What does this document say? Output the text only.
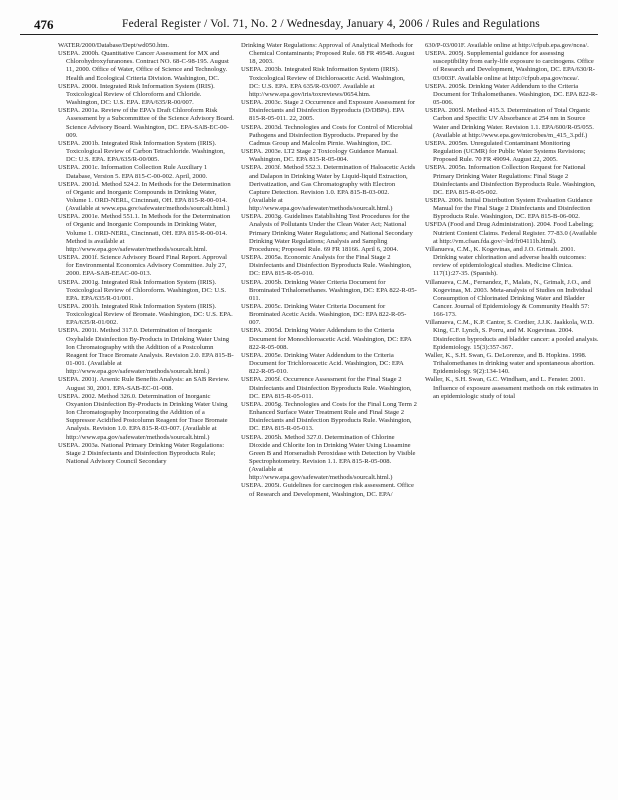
476	Federal Register / Vol. 71, No. 2 / Wednesday, January 4, 2006 / Rules and Regulations

WATER/2000/Database/Dept/wd050.htm.

USEPA. 2000h. Quantitative Cancer Assessment for MX and Chlorohydroxyfuranones. Contract NO. 68-C-98-195. August 11, 2000. Office of Water, Office of Science and Technology. Health and Ecological Criteria Division. Washington, DC.

USEPA. 2000i. Integrated Risk Information System (IRIS). Toxicological Review of Chloroform and Chloride. Washington, DC: U.S. EPA. EPA/635/R-00/007.

USEPA. 2001a. Review of the EPA's Draft Chloroform Risk Assessment by a Subcommittee of the Science Advisory Board. Science Advisory Board. Washington, DC. EPA-SAB-EC-00-009.

USEPA. 2001b. Integrated Risk Information System (IRIS). Toxicological Review of Carbon Tetrachloride. Washington, DC: U.S. EPA. EPA/635/R-00/005.

USEPA. 2001c. Information Collection Rule Auxiliary 1 Database, Version 5. EPA 815-C-00-002. April, 2000.

USEPA. 2001d. Method 524.2. In Methods for the Determination of Organic and Inorganic Compounds in Drinking Water, Volume 1. ORD-NERL, Cincinnati, OH. EPA 815-R-00-014. (Available at www.epa.gov/safewater/methods/sourcalt.html.)

USEPA. 2001e. Method 551.1. In Methods for the Determination of Organic and Inorganic Compounds in Drinking Water, Volume 1. ORD-NERL, Cincinnati, OH. EPA 815-R-00-014. Method is available at http://www.epa.gov/safewater/methods/sourcalt.html.

USEPA. 2001f. Science Advisory Board Final Report. Approval for Environmental Economics Advisory Committee. July 27, 2000. EPA-SAB-EEAC-00-013.

USEPA. 2001g. Integrated Risk Information System (IRIS). Toxicological Review of Chloroform. Washington, DC: U.S. EPA. EPA/635/R-01/001.

USEPA. 2001h. Integrated Risk Information System (IRIS). Toxicological Review of Bromate. Washington, DC: U.S. EPA. EPA/635/R-01/002.

USEPA. 2001i. Method 317.0. Determination of Inorganic Oxyhalide Disinfection By-Products in Drinking Water Using Ion Chromatography with the Addition of a Postcolumn Reagent for Trace Bromate Analysis. Revision 2.0. EPA 815-B-01-001. (Available at http://www.epa.gov/safewater/methods/sourcalt.html.)

USEPA. 2001j. Arsenic Rule Benefits Analysis: an SAB Review. August 30, 2001. EPA-SAB-EC-01-008.

USEPA. 2002. Method 326.0. Determination of Inorganic Oxyanion Disinfection By-Products in Drinking Water Using Ion Chromatography Incorporating the Addition of a Suppressor Acidified Postcolumn Reagent for Trace Bromate Analysis. Revision 1.0. EPA 815-R-03-007. (Available at http://www.epa.gov/safewater/methods/sourcalt.html.)

USEPA. 2003a. National Primary Drinking Water Regulations: Stage 2 Disinfectants and Disinfection Byproducts Rule; National Advisory Council Secondary

Drinking Water Regulations: Approval of Analytical Methods for Chemical Contaminants; Proposed Rule. 68 FR 49548. August 18, 2003.

USEPA. 2003b. Integrated Risk Information System (IRIS). Toxicological Review of Dichloroacetic Acid. Washington, DC: U.S. EPA. EPA 635/R-03/007. Available at http://www.epa.gov/iris/toxreviews/0654.htm.

USEPA. 2003c. Stage 2 Occurrence and Exposure Assessment for Disinfectants and Disinfection Byproducts (D/DBPs). EPA 815-R-05-011. 22, 2005.

USEPA. 2003d. Technologies and Costs for Control of Microbial Pathogens and Disinfection Byproducts. Prepared by the Cadmus Group and Malcolm Pirnie. Washington, DC.

USEPA. 2003e. LT2 Stage 2 Toxicology Guidance Manual. Washington, DC. EPA 815-R-05-004.

USEPA. 2003f. Method 552.3. Determination of Haloacetic Acids and Dalapon in Drinking Water by Liquid-liquid Extraction, Derivatization, and Gas Chromatography with Electron Capture Detection. Revision 1.0. EPA 815-B-03-002. (Available at http://www.epa.gov/safewater/methods/sourcalt.html.)

USEPA. 2003g. Guidelines Establishing Test Procedures for the Analysis of Pollutants Under the Clean Water Act; National Primary Drinking Water Regulations; and National Secondary Drinking Water Regulations; Analysis and Sampling Procedures; Proposed Rule. 69 FR 18166. April 6, 2004.

USEPA. 2005a. Economic Analysis for the Final Stage 2 Disinfectants and Disinfection Byproducts Rule. Washington, DC: EPA 815-R-05-010.

USEPA. 2005b. Drinking Water Criteria Document for Brominated Trihalomethanes. Washington, DC: EPA 822-R-05-011.

USEPA. 2005c. Drinking Water Criteria Document for Brominated Acetic Acids. Washington, DC: EPA 822-R-05-007.

USEPA. 2005d. Drinking Water Addendum to the Criteria Document for Monochloroacetic Acid. Washington, DC: EPA 822-R-05-008.

USEPA. 2005e. Drinking Water Addendum to the Criteria Document for Trichloroacetic Acid. Washington, DC: EPA 822-R-05-010.

USEPA. 2005f. Occurrence Assessment for the Final Stage 2 Disinfectants and Disinfection Byproducts Rule. Washington, DC. EPA 815-R-05-011.

USEPA. 2005g. Technologies and Costs for the Final Long Term 2 Enhanced Surface Water Treatment Rule and Final Stage 2 Disinfectants and Disinfection Byproducts Rule. Washington, DC. EPA 815-R-05-013.

USEPA. 2005h. Method 327.0. Determination of Chlorine Dioxide and Chlorite Ion in Drinking Water Using Lissamine Green B and Horseradish Peroxidase with Detection by Visible Spectrophotometry. Revision 1.1. EPA 815-R-05-008. (Available at http://www.epa.gov/safewater/methods/sourcalt.html.)

USEPA. 2005i. Guidelines for carcinogen risk assessment. Office of Research and Development, Washington, DC. EPA/

630/P-03/001F. Available online at http://cfpub.epa.gov/ncea/.

USEPA. 2005j. Supplemental guidance for assessing susceptibility from early-life exposure to carcinogens. Office of Research and Development, Washington, DC. EPA/630/R-03/003F. Available online at http://cfpub.epa.gov/ncea/.

USEPA. 2005k. Drinking Water Addendum to the Criteria Document for Trihalomethanes. Washington, DC. EPA 822-R-05-006.

USEPA. 2005l. Method 415.3. Determination of Total Organic Carbon and Specific UV Absorbance at 254 nm in Source Water and Drinking Water. Revision 1.1. EPA/600/R-05/055. (Available at http://www.epa.gov/microbes/m_415_3.pdf.)

USEPA. 2005m. Unregulated Contaminant Monitoring Regulation (UCMR) for Public Water Systems Revisions; Proposed Rule. 70 FR 49094. August 22, 2005.

USEPA. 2005n. Information Collection Request for National Primary Drinking Water Regulations: Final Stage 2 Disinfectants and Disinfection Byproducts Rule. Washington, DC. EPA 815-R-05-002.

USEPA. 2006. Initial Distribution System Evaluation Guidance Manual for the Final Stage 2 Disinfectants and Disinfection Byproducts Rule. Washington, DC. EPA 815-B-06-002.

USFDA (Food and Drug Administration). 2004. Food Labeling; Nutrient Content Claims. Federal Register. 77-83.0 (Available at http://vm.cfsan.fda.gov/~lrd/fr04111b.html).

Villanueva, C.M., K. Kogevinas, and J.O. Grimalt. 2001. Drinking water chlorination and adverse health outcomes: review of epidemiological studies. Medicine Clinica. 117(1):27-35. (Spanish).

Villanueva, C.M., Fernandez, F., Malats, N., Grimalt, J.O., and Kogevinas, M. 2003. Meta-analysis of Studies on Individual Consumption of Chlorinated Drinking Water and Bladder Cancer. Journal of Epidemiology & Community Health 57: 166-173.

Villanueva, C.M., K.P. Cantor, S. Cordier, J.J.K. Jaakkola, W.D. King, C.F. Lynch, S. Porru, and M. Kogevinas. 2004. Disinfection byproducts and bladder cancer: a pooled analysis. Epidemiology. 15(3):357-367.

Waller, K., S.H. Swan, G. DeLorenze, and B. Hopkins. 1998. Trihalomethanes in drinking water and spontaneous abortion. Epidemiology. 9(2):134-140.

Waller, K., S.H. Swan, G.C. Windham, and L. Fenster. 2001. Influence of exposure assessment methods on risk estimates in an epidemiologic study of total
